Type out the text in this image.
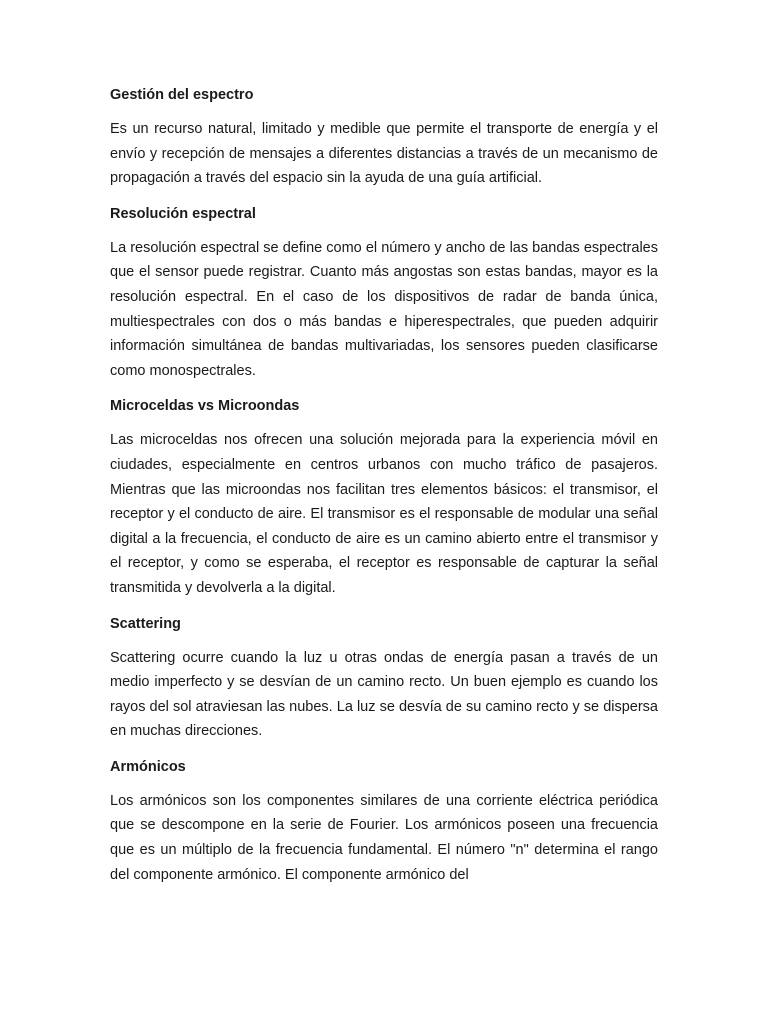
Gestión del espectro

Es un recurso natural, limitado y medible que permite el transporte de energía y el envío y recepción de mensajes a diferentes distancias a través de un mecanismo de propagación a través del espacio sin la ayuda de una guía artificial.

Resolución espectral

La resolución espectral se define como el número y ancho de las bandas espectrales que el sensor puede registrar. Cuanto más angostas son estas bandas, mayor es la resolución espectral. En el caso de los dispositivos de radar de banda única, multiespectrales con dos o más bandas e hiperespectrales, que pueden adquirir información simultánea de bandas multivariadas, los sensores pueden clasificarse como monospectrales.

Microceldas vs Microondas

Las microceldas nos ofrecen una solución mejorada para la experiencia móvil en ciudades, especialmente en centros urbanos con mucho tráfico de pasajeros. Mientras que las microondas nos facilitan tres elementos básicos: el transmisor, el receptor y el conducto de aire. El transmisor es el responsable de modular una señal digital a la frecuencia, el conducto de aire es un camino abierto entre el transmisor y el receptor, y como se esperaba, el receptor es responsable de capturar la señal transmitida y devolverla a la digital.

Scattering

Scattering ocurre cuando la luz u otras ondas de energía pasan a través de un medio imperfecto y se desvían de un camino recto. Un buen ejemplo es cuando los rayos del sol atraviesan las nubes. La luz se desvía de su camino recto y se dispersa en muchas direcciones.

Armónicos

Los armónicos son los componentes similares de una corriente eléctrica periódica que se descompone en la serie de Fourier. Los armónicos poseen una frecuencia que es un múltiplo de la frecuencia fundamental. El número "n" determina el rango del componente armónico. El componente armónico del
